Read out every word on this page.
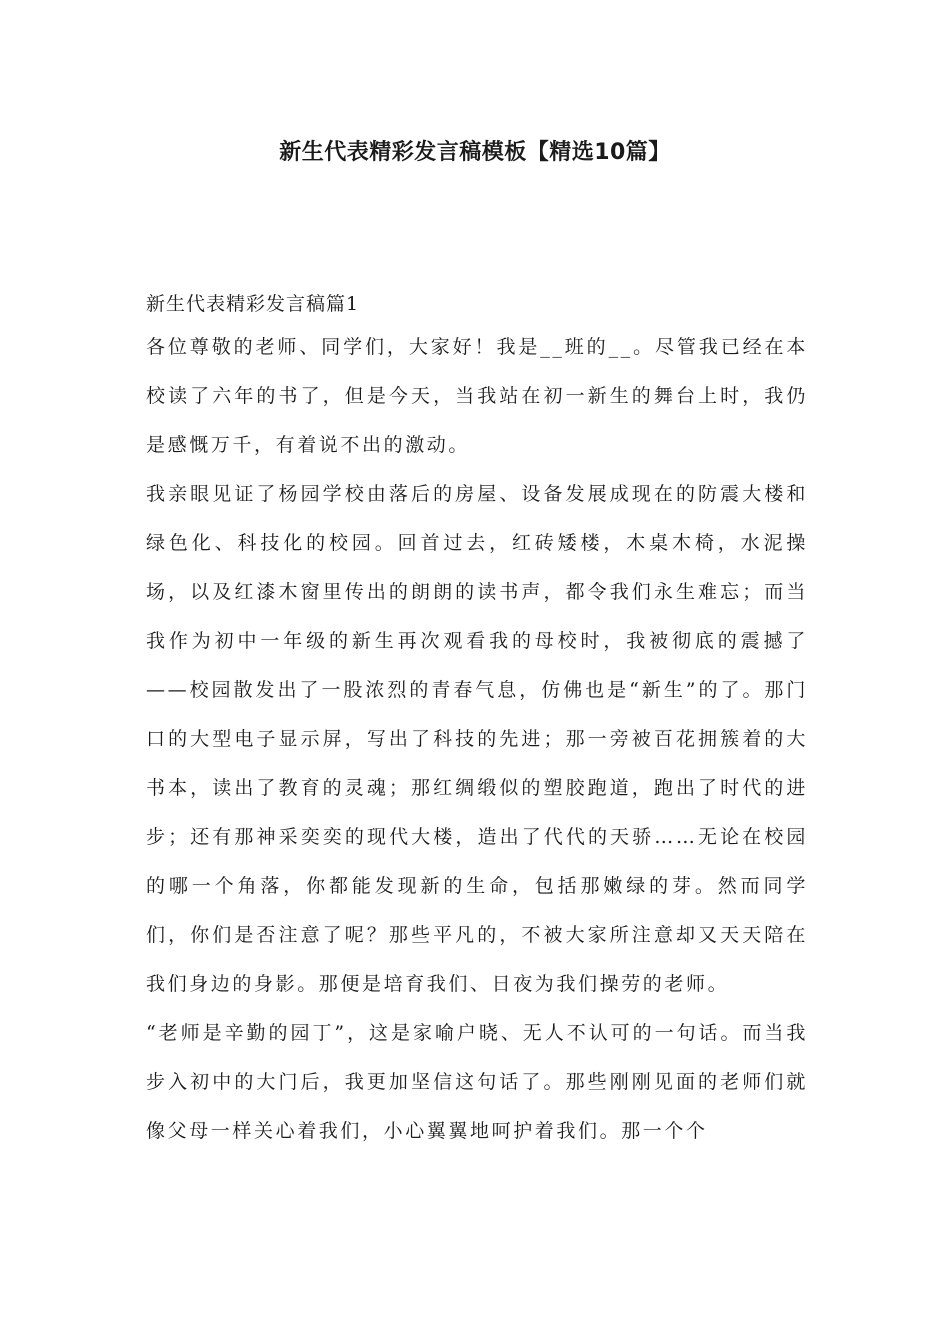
新生代表精彩发言稿模板【精选10篇】

新生代表精彩发言稿篇1

各位尊敬的老师、同学们，大家好！我是__班的__。尽管我已经在本校读了六年的书了，但是今天，当我站在初一新生的舞台上时，我仍是感慨万千，有着说不出的激动。

我亲眼见证了杨园学校由落后的房屋、设备发展成现在的防震大楼和绿色化、科技化的校园。回首过去，红砖矮楼，木桌木椅，水泥操场，以及红漆木窗里传出的朗朗的读书声，都令我们永生难忘；而当我作为初中一年级的新生再次观看我的母校时，我被彻底的震撼了——校园散发出了一股浓烈的青春气息，仿佛也是“新生”的了。那门口的大型电子显示屏，写出了科技的先进；那一旁被百花拥簇着的大书本，读出了教育的灵魂；那红绸缎似的塑胶跑道，跑出了时代的进步；还有那神采奕奕的现代大楼，造出了代代的天骄……无论在校园的哪一个角落，你都能发现新的生命，包括那嫩绿的芽。然而同学们，你们是否注意了呢？那些平凡的，不被大家所注意却又天天陪在我们身边的身影。那便是培育我们、日夜为我们操劳的老师。

“老师是辛勤的园丁”，这是家喻户晓、无人不认可的一句话。而当我步入初中的大门后，我更加坚信这句话了。那些刚刚见面的老师们就像父母一样关心着我们，小心翼翼地呵护着我们。那一个个
